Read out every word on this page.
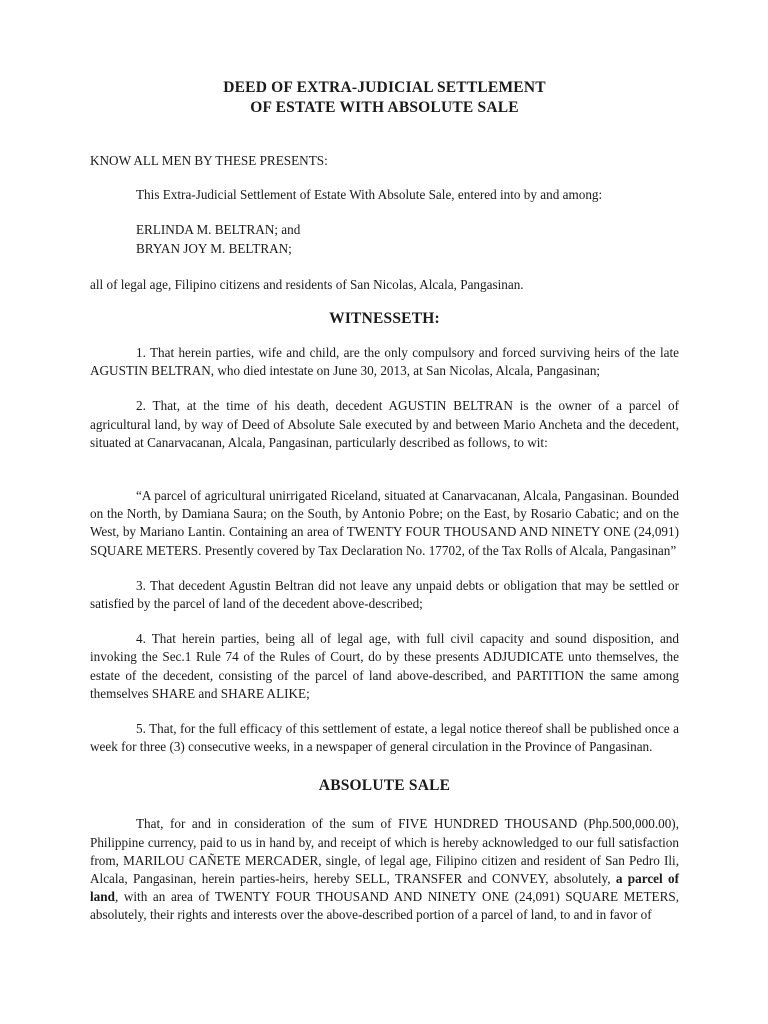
DEED OF EXTRA-JUDICIAL SETTLEMENT
OF ESTATE WITH ABSOLUTE SALE

KNOW ALL MEN BY THESE PRESENTS:

This Extra-Judicial Settlement of Estate With Absolute Sale, entered into by and among:

ERLINDA M. BELTRAN; and

BRYAN JOY M. BELTRAN;

all of legal age, Filipino citizens and residents of San Nicolas, Alcala, Pangasinan.

WITNESSETH:

1. That herein parties, wife and child, are the only compulsory and forced surviving heirs of the late AGUSTIN BELTRAN, who died intestate on June 30, 2013, at San Nicolas, Alcala, Pangasinan;

2. That, at the time of his death, decedent AGUSTIN BELTRAN is the owner of a parcel of agricultural land, by way of Deed of Absolute Sale executed by and between Mario Ancheta and the decedent, situated at Canarvacanan, Alcala, Pangasinan, particularly described as follows, to wit:

“A parcel of agricultural unirrigated Riceland, situated at Canarvacanan, Alcala, Pangasinan. Bounded on the North, by Damiana Saura; on the South, by Antonio Pobre; on the East, by Rosario Cabatic; and on the West, by Mariano Lantin. Containing an area of TWENTY FOUR THOUSAND AND NINETY ONE (24,091) SQUARE METERS. Presently covered by Tax Declaration No. 17702, of the Tax Rolls of Alcala, Pangasinan”

3. That decedent Agustin Beltran did not leave any unpaid debts or obligation that may be settled or satisfied by the parcel of land of the decedent above-described;

4. That herein parties, being all of legal age, with full civil capacity and sound disposition, and invoking the Sec.1 Rule 74 of the Rules of Court, do by these presents ADJUDICATE unto themselves, the estate of the decedent, consisting of the parcel of land above-described, and PARTITION the same among themselves SHARE and SHARE ALIKE;

5. That, for the full efficacy of this settlement of estate, a legal notice thereof shall be published once a week for three (3) consecutive weeks, in a newspaper of general circulation in the Province of Pangasinan.

ABSOLUTE SALE

That, for and in consideration of the sum of FIVE HUNDRED THOUSAND (Php.500,000.00), Philippine currency, paid to us in hand by, and receipt of which is hereby acknowledged to our full satisfaction from, MARILOU CAÑETE MERCADER, single, of legal age, Filipino citizen and resident of San Pedro Ili, Alcala, Pangasinan, herein parties-heirs, hereby SELL, TRANSFER and CONVEY, absolutely, a parcel of land, with an area of TWENTY FOUR THOUSAND AND NINETY ONE (24,091) SQUARE METERS, absolutely, their rights and interests over the above-described portion of a parcel of land, to and in favor of
